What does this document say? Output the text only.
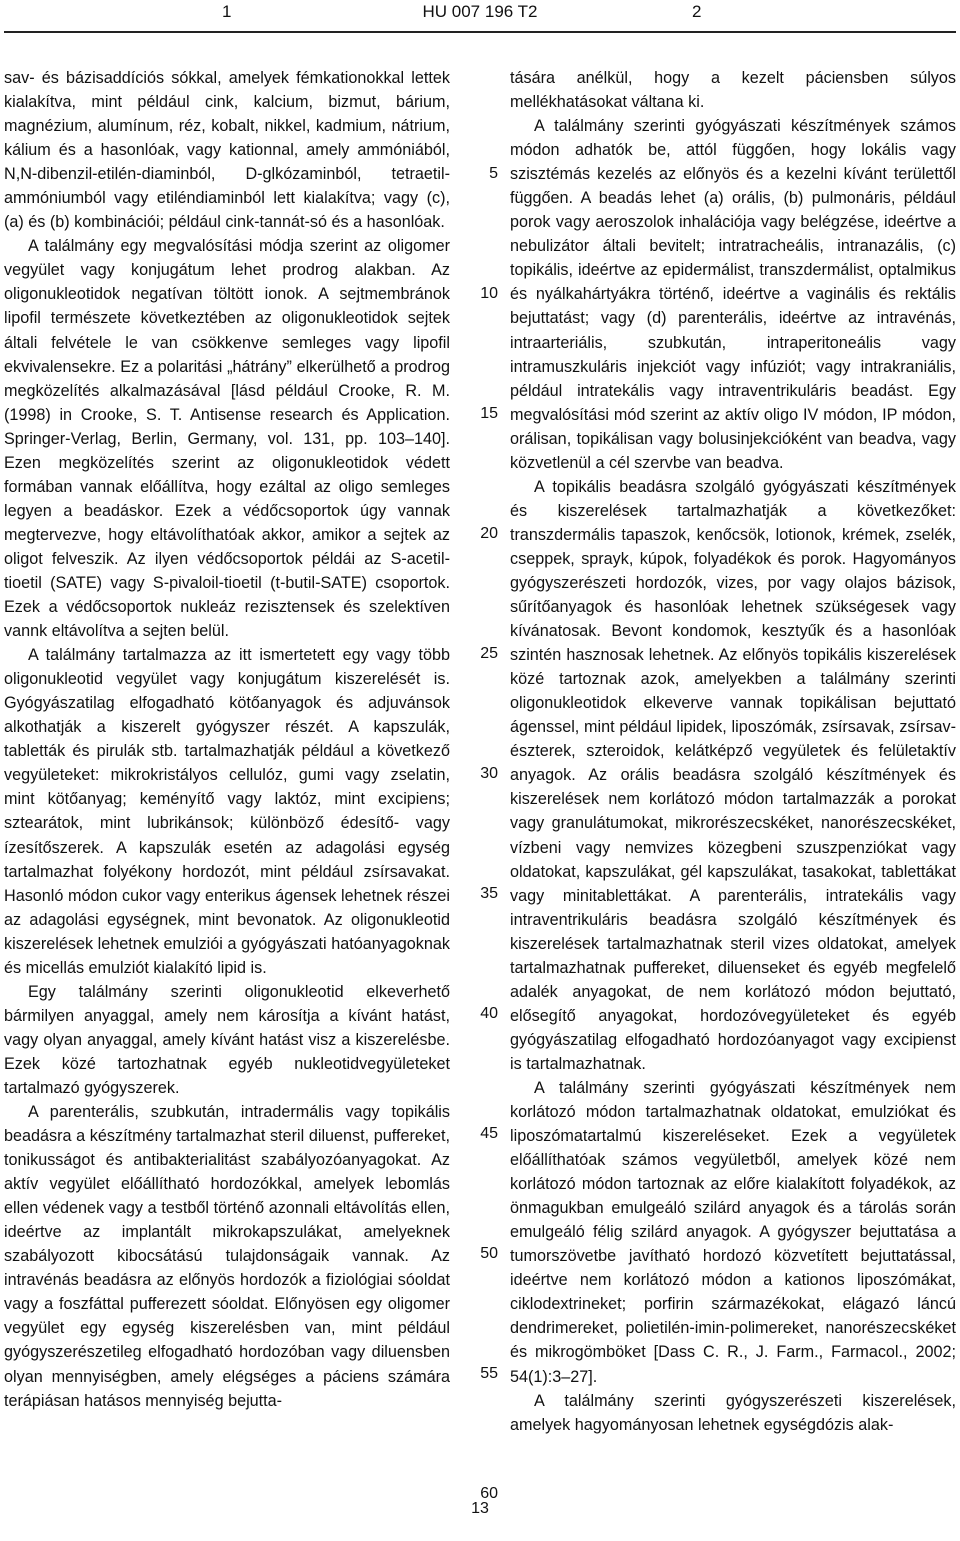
1	HU 007 196 T2	2

sav- és bázisaddíciós sókkal, amelyek fémkationokkal lettek kialakítva, mint például cink, kalcium, bizmut, bárium, magnézium, alumínum, réz, kobalt, nikkel, kadmium, nátrium, kálium és a hasonlóak, vagy kationnal, amely ammóniából, N,N-dibenzil-etilén-diaminból, D-glkózaminból, tetraetil-ammóniumból vagy etiléndiaminból lett kialakítva; vagy (c), (a) és (b) kombinációi; például cink-tannát-só és a hasonlóak.

A találmány egy megvalósítási módja szerint az oligomer vegyület vagy konjugátum lehet prodrog alakban. Az oligonukleotidok negatívan töltött ionok. A sejtmembránok lipofil természete következtében az oligonukleotidok sejtek általi felvétele le van csökkenve semleges vagy lipofil ekvivalensekre. Ez a polaritási „hátrány” elkerülhető a prodrog megközelítés alkalmazásával [lásd például Crooke, R. M. (1998) in Crooke, S. T. Antisense research és Application. Springer-Verlag, Berlin, Germany, vol. 131, pp. 103–140]. Ezen megközelítés szerint az oligonukleotidok védett formában vannak előállítva, hogy ezáltal az oligo semleges legyen a beadáskor. Ezek a védőcsoportok úgy vannak megtervezve, hogy eltávolíthatóak akkor, amikor a sejtek az oligot felveszik. Az ilyen védőcsoportok példái az S-acetil-tioetil (SATE) vagy S-pivaloil-tioetil (t-butil-SATE) csoportok. Ezek a védőcsoportok nukleáz rezisztensek és szelektíven vannk eltávolítva a sejten belül.

A találmány tartalmazza az itt ismertetett egy vagy több oligonukleotid vegyület vagy konjugátum kiszerelését is. Gyógyászatilag elfogadható kötőanyagok és adjuvánsok alkothatják a kiszerelt gyógyszer részét. A kapszulák, tabletták és pirulák stb. tartalmazhatják például a következő vegyületeket: mikrokristályos cellulóz, gumi vagy zselatin, mint kötőanyag; keményítő vagy laktóz, mint excipiens; sztearátok, mint lubrikánsok; különböző édesítő- vagy ízesítőszerek. A kapszulák esetén az adagolási egység tartalmazhat folyékony hordozót, mint például zsírsavakat. Hasonló módon cukor vagy enterikus ágensek lehetnek részei az adagolási egységnek, mint bevonatok. Az oligonukleotid kiszerelések lehetnek emulziói a gyógyászati hatóanyagoknak és micellás emulziót kialakító lipid is.

Egy találmány szerinti oligonukleotid elkeverhető bármilyen anyaggal, amely nem károsítja a kívánt hatást, vagy olyan anyaggal, amely kívánt hatást visz a kiszerelésbe. Ezek közé tartozhatnak egyéb nukleotidvegyületeket tartalmazó gyógyszerek.

A parenterális, szubkután, intradermális vagy topikális beadásra a készítmény tartalmazhat steril diluenst, puffereket, tonikusságot és antibakterialitást szabályozóanyagokat. Az aktív vegyület előállítható hordozókkal, amelyek lebomlás ellen védenek vagy a testből történő azonnali eltávolítás ellen, ideértve az implantált mikrokapszulákat, amelyeknek szabályozott kibocsátású tulajdonságaik vannak. Az intravénás beadásra az előnyös hordozók a fiziológiai sóoldat vagy a foszfáttal pufferezett sóoldat. Előnyösen egy oligomer vegyület egy egység kiszerelésben van, mint például gyógyszerészetileg elfogadható hordozóban vagy diluensben olyan mennyiségben, amely elégséges a páciens számára terápiásan hatásos mennyiség bejutta-

5
10
15
20
25
30
35
40
45
50
55
60

tására anélkül, hogy a kezelt páciensben súlyos mellékhatásokat váltana ki.

A találmány szerinti gyógyászati készítmények számos módon adhatók be, attól függően, hogy lokális vagy szisztémás kezelés az előnyös és a kezelni kívánt területtől függően. A beadás lehet (a) orális, (b) pulmonáris, például porok vagy aeroszolok inhalációja vagy belégzése, ideértve a nebulizátor általi bevitelt; intratracheális, intranazális, (c) topikális, ideértve az epidermálist, transzdermálist, optalmikus és nyálkahártyákra történő, ideértve a vaginális és rektális bejuttatást; vagy (d) parenterális, ideértve az intravénás, intraarteriális, szubkután, intraperitoneális vagy intramuszkuláris injekciót vagy infúziót; vagy intrakraniális, például intratekális vagy intraventrikuláris beadást. Egy megvalósítási mód szerint az aktív oligo IV módon, IP módon, orálisan, topikálisan vagy bolusinjekcióként van beadva, vagy közvetlenül a cél szervbe van beadva.

A topikális beadásra szolgáló gyógyászati készítmények és kiszerelések tartalmazhatják a következőket: transzdermális tapaszok, kenőcsök, lotionok, krémek, zselék, cseppek, sprayk, kúpok, folyadékok és porok. Hagyományos gyógyszerészeti hordozók, vizes, por vagy olajos bázisok, sűrítőanyagok és hasonlóak lehetnek szükségesek vagy kívánatosak. Bevont kondomok, kesztyűk és a hasonlóak szintén hasznosak lehetnek. Az előnyös topikális kiszerelések közé tartoznak azok, amelyekben a találmány szerinti oligonukleotidok elkeverve vannak topikálisan bejuttató ágenssel, mint például lipidek, liposzómák, zsírsavak, zsírsav-észterek, szteroidok, kelátképző vegyületek és felületaktív anyagok. Az orális beadásra szolgáló készítmények és kiszerelések nem korlátozó módon tartalmazzák a porokat vagy granulátumokat, mikrorészecskéket, nanorészecskéket, vízbeni vagy nemvizes közegbeni szuszpenziókat vagy oldatokat, kapszulákat, gél kapszulákat, tasakokat, tablettákat vagy minitablettákat. A parenterális, intratekális vagy intraventrikuláris beadásra szolgáló készítmények és kiszerelések tartalmazhatnak steril vizes oldatokat, amelyek tartalmazhatnak puffereket, diluenseket és egyéb megfelelő adalék anyagokat, de nem korlátozó módon bejuttató, elősegítő anyagokat, hordozóvegyületeket és egyéb gyógyászatilag elfogadható hordozóanyagot vagy excipienst is tartalmazhatnak.

A találmány szerinti gyógyászati készítmények nem korlátozó módon tartalmazhatnak oldatokat, emulziókat és liposzómatartalmú kiszereléseket. Ezek a vegyületek előállíthatóak számos vegyületből, amelyek közé nem korlátozó módon tartoznak az előre kialakított folyadékok, az önmagukban emulgeáló szilárd anyagok és a tárolás során emulgeáló félig szilárd anyagok. A gyógyszer bejuttatása a tumorszövetbe javítható hordozó közvetített bejuttatással, ideértve nem korlátozó módon a kationos liposzómákat, ciklodextrineket; porfirin származékokat, elágazó láncú dendrimereket, polietilén-imin-polimereket, nanorészecskéket és mikrogömböket [Dass C. R., J. Farm., Farmacol., 2002; 54(1):3–27].

A találmány szerinti gyógyszerészeti kiszerelések, amelyek hagyományosan lehetnek egységdózis alak-

13
